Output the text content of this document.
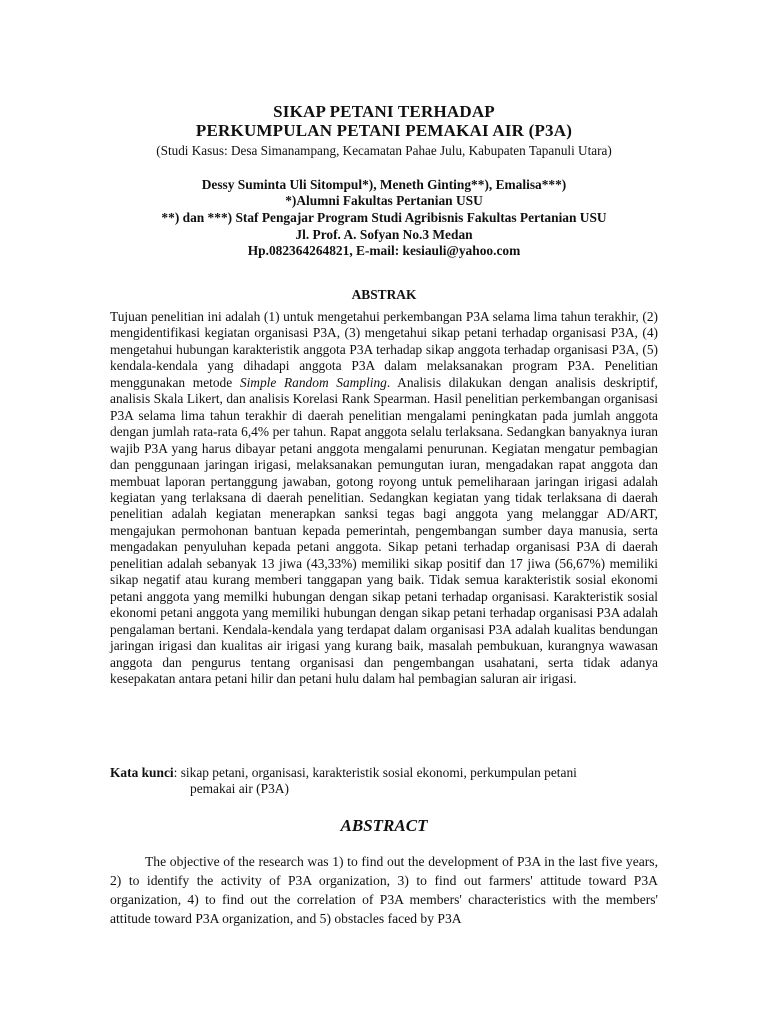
SIKAP PETANI TERHADAP
PERKUMPULAN PETANI PEMAKAI AIR (P3A)
(Studi Kasus: Desa Simanampang, Kecamatan Pahae Julu, Kabupaten Tapanuli Utara)
Dessy Suminta Uli Sitompul*), Meneth Ginting**), Emalisa***)
*)Alumni Fakultas Pertanian USU
**) dan ***) Staf Pengajar Program Studi Agribisnis Fakultas Pertanian USU
Jl. Prof. A. Sofyan No.3 Medan
Hp.082364264821, E-mail: kesiauli@yahoo.com
ABSTRAK

Tujuan penelitian ini adalah (1) untuk mengetahui perkembangan P3A selama lima tahun terakhir, (2) mengidentifikasi kegiatan organisasi P3A, (3) mengetahui sikap petani terhadap organisasi P3A, (4) mengetahui hubungan karakteristik anggota P3A terhadap sikap anggota terhadap organisasi P3A, (5) kendala-kendala yang dihadapi anggota P3A dalam melaksanakan program P3A. Penelitian menggunakan metode Simple Random Sampling. Analisis dilakukan dengan analisis deskriptif, analisis Skala Likert, dan analisis Korelasi Rank Spearman. Hasil penelitian perkembangan organisasi P3A selama lima tahun terakhir di daerah penelitian mengalami peningkatan pada jumlah anggota dengan jumlah rata-rata 6,4% per tahun. Rapat anggota selalu terlaksana. Sedangkan banyaknya iuran wajib P3A yang harus dibayar petani anggota mengalami penurunan. Kegiatan mengatur pembagian dan penggunaan jaringan irigasi, melaksanakan pemungutan iuran, mengadakan rapat anggota dan membuat laporan pertanggung jawaban, gotong royong untuk pemeliharaan jaringan irigasi adalah kegiatan yang terlaksana di daerah penelitian. Sedangkan kegiatan yang tidak terlaksana di daerah penelitian adalah kegiatan menerapkan sanksi tegas bagi anggota yang melanggar AD/ART, mengajukan permohonan bantuan kepada pemerintah, pengembangan sumber daya manusia, serta mengadakan penyuluhan kepada petani anggota. Sikap petani terhadap organisasi P3A di daerah penelitian adalah sebanyak 13 jiwa (43,33%) memiliki sikap positif dan 17 jiwa (56,67%) memiliki sikap negatif atau kurang memberi tanggapan yang baik. Tidak semua karakteristik sosial ekonomi petani anggota yang memilki hubungan dengan sikap petani terhadap organisasi. Karakteristik sosial ekonomi petani anggota yang memiliki hubungan dengan sikap petani terhadap organisasi P3A adalah pengalaman bertani. Kendala-kendala yang terdapat dalam organisasi P3A adalah kualitas bendungan jaringan irigasi dan kualitas air irigasi yang kurang baik, masalah pembukuan, kurangnya wawasan anggota dan pengurus tentang organisasi dan pengembangan usahatani, serta tidak adanya kesepakatan antara petani hilir dan petani hulu dalam hal pembagian saluran air irigasi.

Kata kunci: sikap petani, organisasi, karakteristik sosial ekonomi, perkumpulan petani
pemakai air (P3A)

ABSTRACT

The objective of the research was 1) to find out the development of P3A in the last five years, 2) to identify the activity of P3A organization, 3) to find out farmers' attitude toward P3A organization, 4) to find out the correlation of P3A members' characteristics with the members' attitude toward P3A organization, and 5) obstacles faced by P3A
